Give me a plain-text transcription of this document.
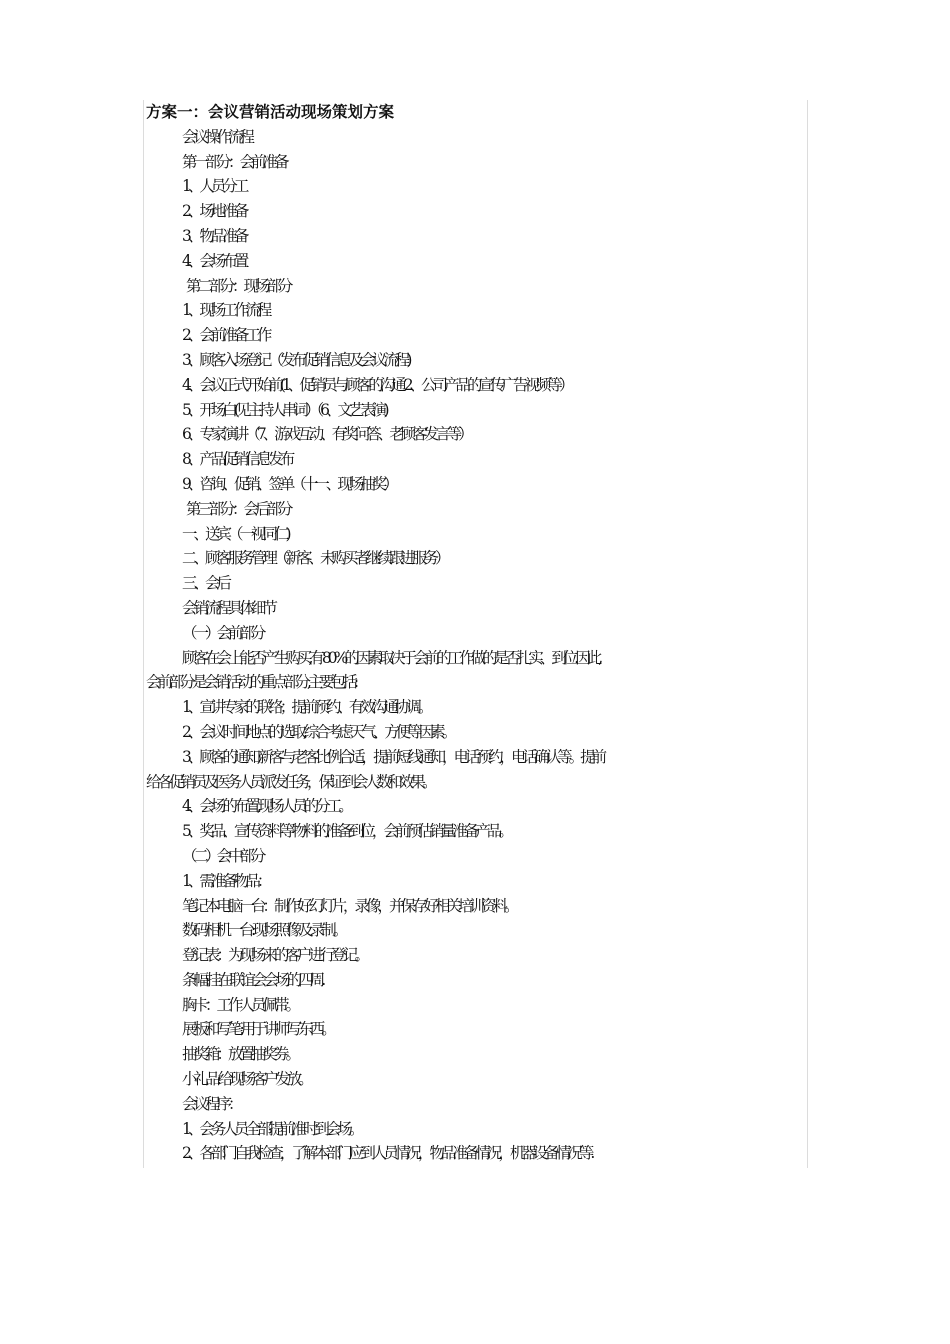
方案一：会议营销活动现场策划方案

会议操作流程

第一部分：会前准备

1、人员分工

2、场地准备

3、物品准备

4、会场布置

第二部分：现场部分

1、现场工作流程

2、会前准备工作

3、顾客入场登记（发布促销信息及会议流程)

4、会议正式开始前(1、促销员与顾客的沟通 2、公司产品的宣传广告视频等）

5、开场白(见主持人串词）（6、文艺表演)

6、专家演讲（7、游戏互动、有奖问答、老顾客发言等）

8、产品促销信息发布

9、咨询、促销、签单（十一、现场抽奖）

第三部分：会后部分

一、送宾（一视同仁)

二、顾客服务管理（新客、未购买者继续跟进服务）

三、会后

会销流程具体细节

（一）会前部分

顾客在会上能否产生购买,有 80%的因素取决于会前的工作做的是否扎实、到位.因此,

会前部分是会销活动的重点部分,主要包括:

1、宣讲专家的联络；提前预约、有效沟通协调。

2、会议时间地点的选取,综合考虑天气、方便等因素。

3、顾客的通知;新客与老客比例合适，提前短线通知，电话预约，电话确认等。提前

给各促销员及医务人员派发任务，保证到会人数和效果。

4、会场的布置,现场人员的分工。

5、奖品、宣传资料等物料的准备到位，会前预估销量准备产品。

（二）会中部分

1、需准备物品：

笔记本电脑一台：制作好幻灯片，录像，并保存好相关培训资料。

数码相机一台:现场照像及录制。

登记表：为现场来的客户进行登记。

条幅:挂在联谊会会场的四周.

胸卡：工作人员佩带。

展板和写笔:用于讲师写东西。

抽奖箱：放置抽奖券。

小礼品:给现场客户发放。

会议程序：

1、会务人员全部提前准时到会场。

2、各部门自我检查，了解本部门应到人员情况，物品准备情况，机器设备情况等.
